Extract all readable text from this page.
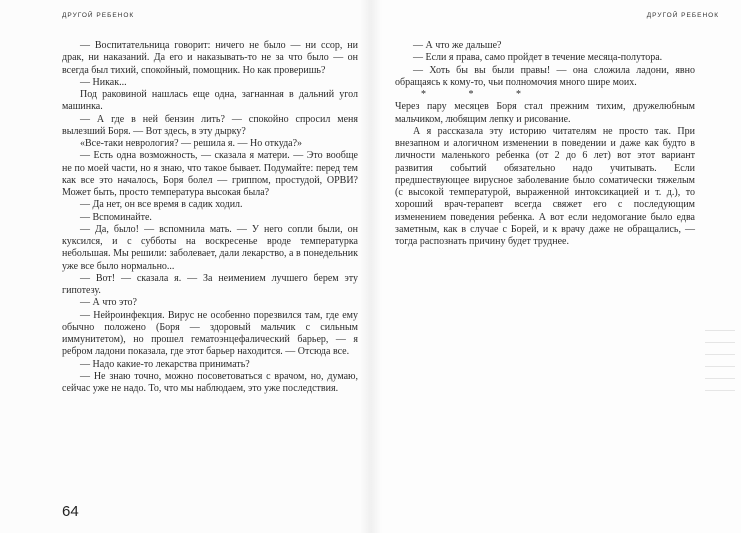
ДРУГОЙ РЕБЕНОК

— Воспитательница говорит: ничего не было — ни ссор, ни драк, ни наказаний. Да его и наказывать-то не за что было — он всегда был тихий, спокойный, помощник. Но как проверишь?

— Никак...

Под раковиной нашлась еще одна, загнанная в дальний угол машинка.

— А где в ней бензин лить? — спокойно спросил меня вылезший Боря. — Вот здесь, в эту дырку?

«Все-таки неврология? — решила я. — Но откуда?»

— Есть одна возможность, — сказала я матери. — Это вообще не по моей части, но я знаю, что такое бывает. Подумайте: перед тем как все это началось, Боря болел — гриппом, простудой, ОРВИ? Может быть, просто температура высокая была?

— Да нет, он все время в садик ходил.

— Вспоминайте.

— Да, было! — вспомнила мать. — У него сопли были, он куксился, и с субботы на воскресенье вроде температурка небольшая. Мы решили: заболевает, дали лекарство, а в понедельник уже все было нормально...

— Вот! — сказала я. — За неимением лучшего берем эту гипотезу.

— А что это?

— Нейроинфекция. Вирус не особенно порезвился там, где ему обычно положено (Боря — здоровый мальчик с сильным иммунитетом), но прошел гематоэнцефалический барьер, — я ребром ладони показала, где этот барьер находится. — Отсюда все.

— Надо какие-то лекарства принимать?

— Не знаю точно, можно посоветоваться с врачом, но, думаю, сейчас уже не надо. То, что мы наблюдаем, это уже последствия.

64
ДРУГОЙ РЕБЕНОК

— А что же дальше?

— Если я права, само пройдет в течение месяца-полутора.

— Хоть бы вы были правы! — она сложила ладони, явно обращаясь к кому-то, чьи полномочия много шире моих.

* * *

Через пару месяцев Боря стал прежним тихим, дружелюбным мальчиком, любящим лепку и рисование.

А я рассказала эту историю читателям не просто так. При внезапном и алогичном изменении в поведении и даже как будто в личности маленького ребенка (от 2 до 6 лет) вот этот вариант развития событий обязательно надо учитывать. Если предшествующее вирусное заболевание было соматически тяжелым (с высокой температурой, выраженной интоксикацией и т. д.), то хороший врач-терапевт всегда свяжет его с последующим изменением поведения ребенка. А вот если недомогание было едва заметным, как в случае с Борей, и к врачу даже не обращались, — тогда распознать причину будет труднее.
